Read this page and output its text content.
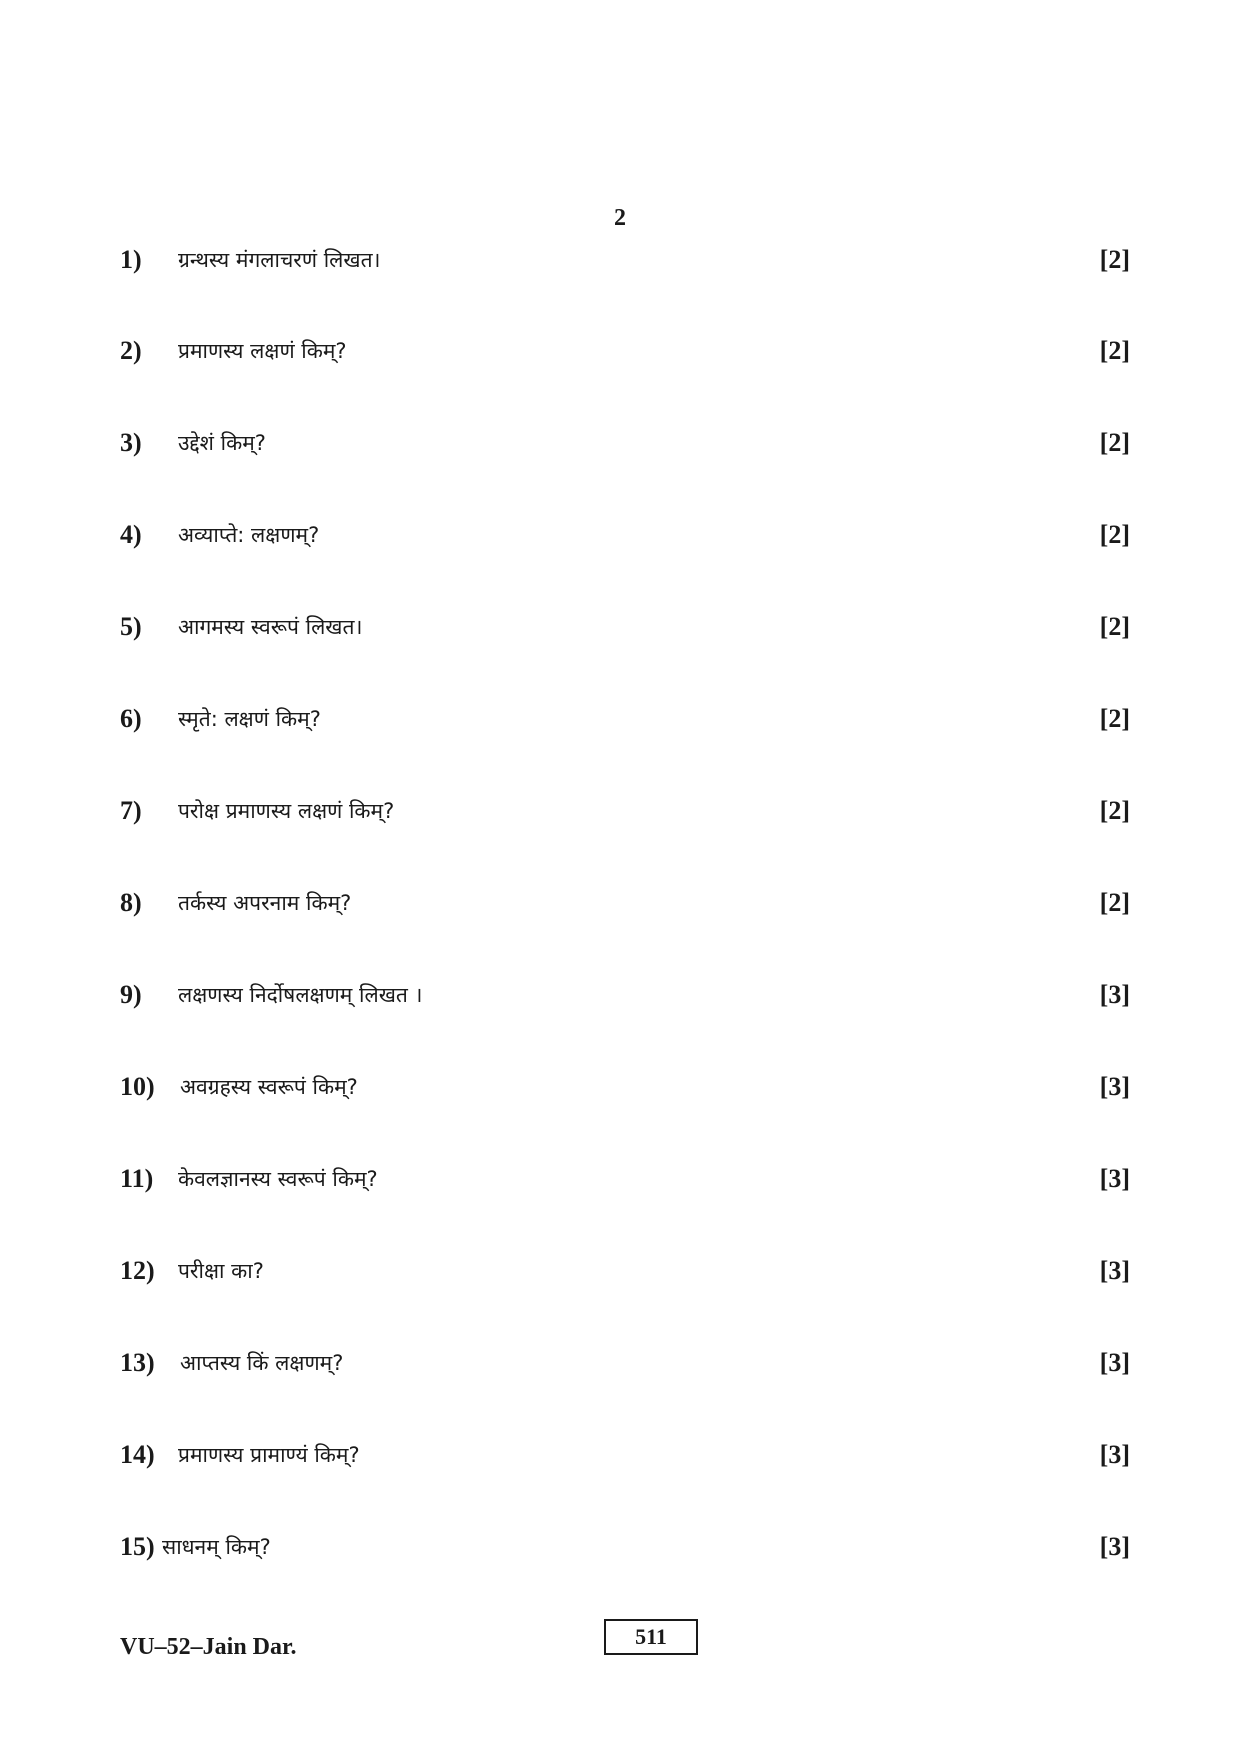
2
1) ग्रन्थस्य मंगलाचरणं लिखत।	[2]
2) प्रमाणस्य लक्षणं किम्?	[2]
3) उद्देशं किम्?	[2]
4) अव्याप्ते: लक्षणम्?	[2]
5) आगमस्य स्वरूपं लिखत।	[2]
6) स्मृते: लक्षणं किम्?	[2]
7) परोक्ष प्रमाणस्य लक्षणं किम्?	[2]
8) तर्कस्य अपरनाम किम्?	[2]
9) लक्षणस्य निर्दोषलक्षणम् लिखत ।	[3]
10) अवग्रहस्य स्वरूपं किम्?	[3]
11) केवलज्ञानस्य स्वरूपं किम्?	[3]
12) परीक्षा का?	[3]
13) आप्तस्य किं लक्षणम्?	[3]
14) प्रमाणस्य प्रामाण्यं किम्?	[3]
15) साधनम् किम्?	[3]
VU–52–Jain Dar.	511
